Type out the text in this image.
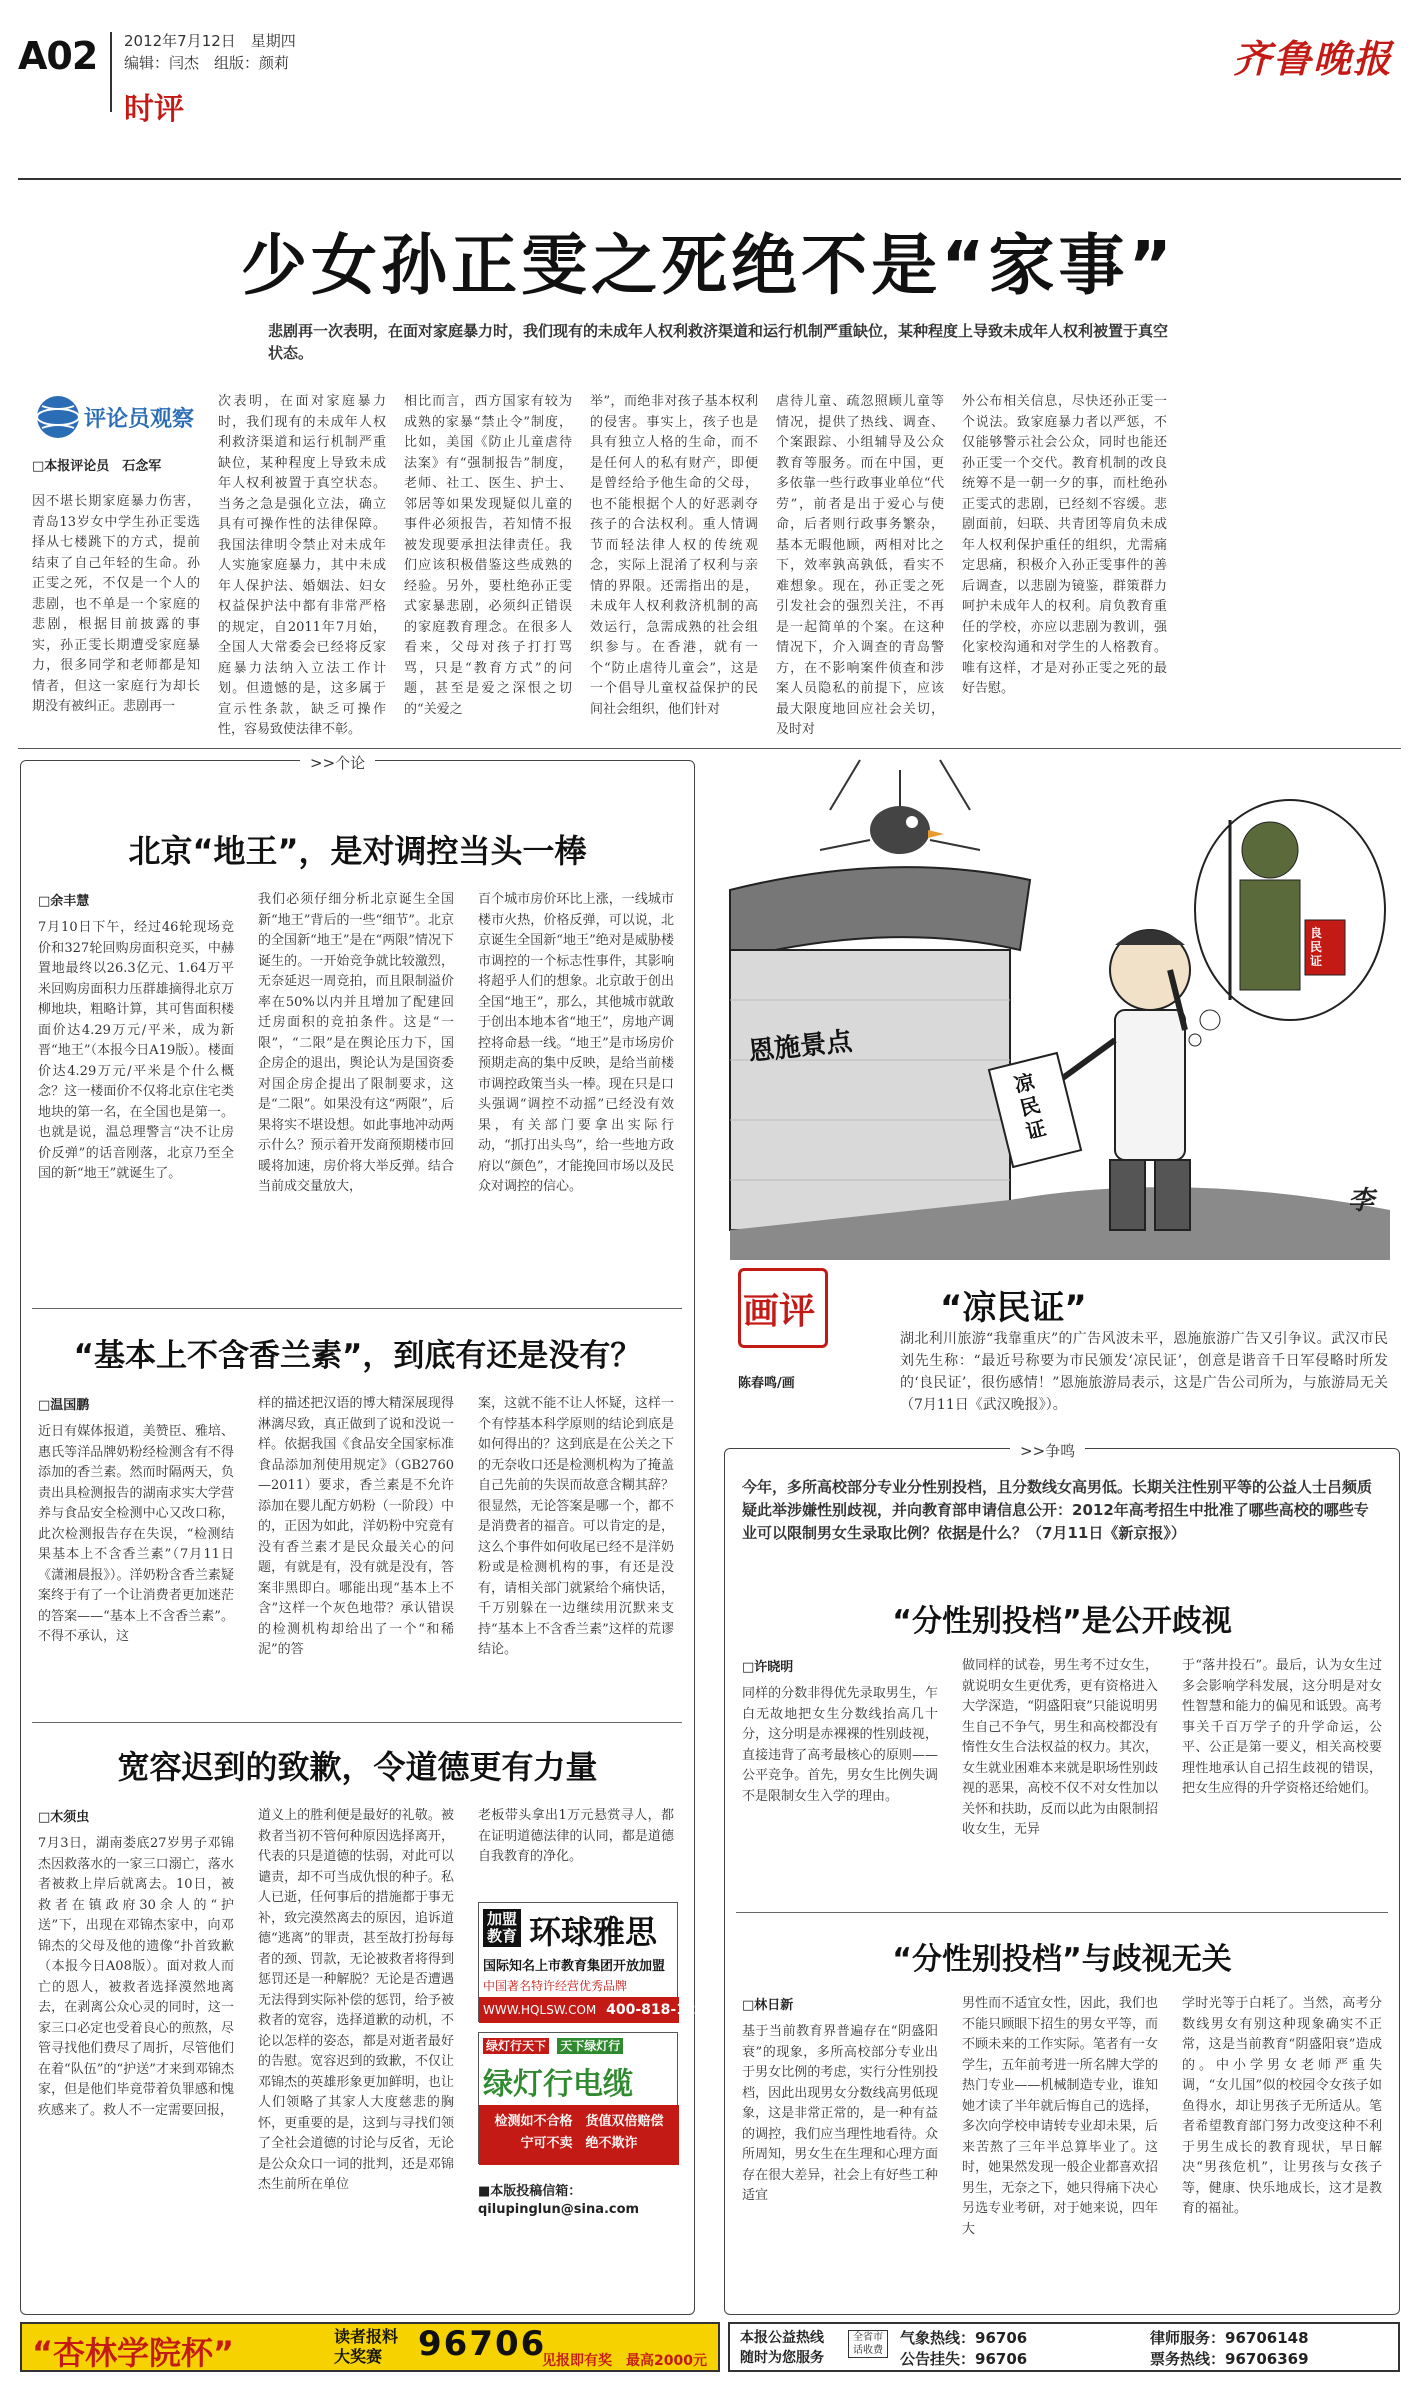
A02 2012年7月12日　星期四
编辑：闫杰　组版：颜莉
时评
齐鲁晚报
少女孙正雯之死绝不是“家事”
悲剧再一次表明，在面对家庭暴力时，我们现有的未成年人权利救济渠道和运行机制严重缺位，某种程度上导致未成年人权利被置于真空状态。
评论员观察
□本报评论员　石念军
因不堪长期家庭暴力伤害，青岛13岁女中学生孙正雯选择从七楼跳下的方式，提前结束了自己年轻的生命。孙正雯之死，不仅是一个人的悲剧，也不单是一个家庭的悲剧，根据目前披露的事实，孙正雯长期遭受家庭暴力，很多同学和老师都是知情者，但这一家庭行为却长期没有被纠正。悲剧再一
次表明，在面对家庭暴力时，我们现有的未成年人权利救济渠道和运行机制严重缺位，某种程度上导致未成年人权利被置于真空状态。当务之急是强化立法，确立具有可操作性的法律保障。我国法律明令禁止对未成年人实施家庭暴力，其中未成年人保护法、婚姻法、妇女权益保护法中都有非常严格的规定，自2011年7月始，全国人大常委会已经将反家庭暴力法纳入立法工作计划。但遗憾的是，这多属于宣示性条款，缺乏可操作性，容易致使法律不彰。
相比而言，西方国家有较为成熟的家暴“禁止令”制度，比如，美国《防止儿童虐待法案》有“强制报告”制度，老师、社工、医生、护士、邻居等如果发现疑似儿童的事件必须报告，若知情不报被发现要承担法律责任。我们应该积极借鉴这些成熟的经验。另外，要杜绝孙正雯式家暴悲剧，必须纠正错误的家庭教育理念。在很多人看来，父母对孩子打打骂骂，只是“教育方式”的问题，甚至是爱之深恨之切的“关爱之
举”，而绝非对孩子基本权利的侵害。事实上，孩子也是具有独立人格的生命，而不是任何人的私有财产，即便是曾经给予他生命的父母，也不能根据个人的好恶剥夺孩子的合法权利。重人情调节而轻法律人权的传统观念，实际上混淆了权利与亲情的界限。还需指出的是，未成年人权利救济机制的高效运行，急需成熟的社会组织参与。在香港，就有一个“防止虐待儿童会”，这是一个倡导儿童权益保护的民间社会组织，他们针对
虐待儿童、疏忽照顾儿童等情况，提供了热线、调查、个案跟踪、小组辅导及公众教育等服务。而在中国，更多依靠一些行政事业单位“代劳”，前者是出于爱心与使命，后者则行政事务繁杂，基本无暇他顾，两相对比之下，效率孰高孰低，看实不难想象。现在，孙正雯之死引发社会的强烈关注，不再是一起简单的个案。在这种情况下，介入调查的青岛警方，在不影响案件侦查和涉案人员隐私的前提下，应该最大限度地回应社会关切，及时对
外公布相关信息，尽快还孙正雯一个说法。致家庭暴力者以严惩，不仅能够警示社会公众，同时也能还孙正雯一个交代。教育机制的改良统筹不是一朝一夕的事，而杜绝孙正雯式的悲剧，已经刻不容缓。悲剧面前，妇联、共青团等肩负未成年人权利保护重任的组织，尤需痛定思痛，积极介入孙正雯事件的善后调查，以悲剧为镜鉴，群策群力呵护未成年人的权利。肩负教育重任的学校，亦应以悲剧为教训，强化家校沟通和对学生的人格教育。唯有这样，才是对孙正雯之死的最好告慰。
>>个论
北京“地王”，是对调控当头一棒
□余丰慧
7月10日下午，经过46轮现场竞价和327轮回购房面积竞买，中赫置地最终以26.3亿元、1.64万平米回购房面积力压群雄摘得北京万柳地块，粗略计算，其可售面积楼面价达4.29万元/平米，成为新晋“地王”（本报今日A19版）。楼面价达4.29万元/平米是个什么概念？这一楼面价不仅将北京住宅类地块的第一名，在全国也是第一。也就是说，温总理警言“决不让房价反弹”的话音刚落，北京乃至全国的新“地王”就诞生了。
我们必须仔细分析北京诞生全国新“地王”背后的一些“细节”。北京的全国新“地王”是在“两限”情况下诞生的。一开始竞争就比较激烈，无奈延迟一周竞拍，而且限制溢价率在50%以内并且增加了配建回迁房面积的竞拍条件。这是“一限”，“二限”是在舆论压力下，国企房企的退出，舆论认为是国资委对国企房企提出了限制要求，这是“二限”。如果没有这“两限”，后果将实不堪设想。如此事地冲动两示什么？预示着开发商预期楼市回暖将加速，房价将大举反弹。结合当前成交量放大，
百个城市房价环比上涨，一线城市楼市火热，价格反弹，可以说，北京诞生全国新“地王”绝对是威胁楼市调控的一个标志性事件，其影响将超乎人们的想象。北京敢于创出全国“地王”，那么，其他城市就敢于创出本地本省“地王”，房地产调控将命悬一线。“地王”是市场房价预期走高的集中反映，是给当前楼市调控政策当头一棒。现在只是口头强调“调控不动摇”已经没有效果，有关部门要拿出实际行动，“抓打出头鸟”，给一些地方政府以“颜色”，才能挽回市场以及民众对调控的信心。
“基本上不含香兰素”，到底有还是没有？
□温国鹏
近日有媒体报道，美赞臣、雅培、惠氏等洋品牌奶粉经检测含有不得添加的香兰素。然而时隔两天，负责出具检测报告的湖南求实大学营养与食品安全检测中心又改口称，此次检测报告存在失误，“检测结果基本上不含香兰素”（7月11日《潇湘晨报》）。洋奶粉含香兰素疑案终于有了一个让消费者更加迷茫的答案——“基本上不含香兰素”。不得不承认，这
样的描述把汉语的博大精深展现得淋漓尽致，真正做到了说和没说一样。依据我国《食品安全国家标准食品添加剂使用规定》（GB2760—2011）要求，香兰素是不允许添加在婴儿配方奶粉（一阶段）中的，正因为如此，洋奶粉中究竟有没有香兰素才是民众最关心的问题，有就是有，没有就是没有，答案非黑即白。哪能出现“基本上不含”这样一个灰色地带？承认错误的检测机构却给出了一个“和稀泥”的答
案，这就不能不让人怀疑，这样一个有悖基本科学原则的结论到底是如何得出的？这到底是在公关之下的无奈收口还是检测机构为了掩盖自己先前的失误而故意含糊其辞？很显然，无论答案是哪一个，都不是消费者的福音。可以肯定的是，这么个事件如何收尾已经不是洋奶粉或是检测机构的事，有还是没有，请相关部门就紧给个痛快话，千万别躲在一边继续用沉默来支持“基本上不含香兰素”这样的荒谬结论。
宽容迟到的致歉，令道德更有力量
□木须虫
7月3日，湖南娄底27岁男子邓锦杰因救落水的一家三口溺亡，落水者被救上岸后就离去。10日，被救者在镇政府30余人的“护送”下，出现在邓锦杰家中，向邓锦杰的父母及他的遗像“扑首致歉（本报今日A08版）。面对救人而亡的恩人，被救者选择漠然地离去，在剥离公众心灵的同时，这一家三口必定也受着良心的煎熬，尽管寻找他们费尽了周折，尽管他们在着“队伍”的“护送”才来到邓锦杰家，但是他们毕竟带着负罪感和愧疚感来了。救人不一定需要回报，
道义上的胜利便是最好的礼敬。被救者当初不管何种原因选择离开，代表的只是道德的怯弱，对此可以谴责，却不可当成仇恨的种子。私人已逝，任何事后的措施都于事无补，致完漠然离去的原因，追诉道德“逃离”的罪责，甚至故打扮每每者的颈、罚款，无论被救者将得到惩罚还是一种解脱？无论是否遭遇无法得到实际补偿的惩罚，给予被救者的宽容，选择道歉的动机，不论以怎样的姿态，都是对逝者最好的告慰。宽容迟到的致歉，不仅让邓锦杰的英雄形象更加鲜明，也让人们领略了其家人大度慈悲的胸怀，更重要的是，这到与寻找们领了全社会道德的讨论与反省，无论是公众众口一词的批判，还是邓锦杰生前所在单位
老板带头拿出1万元悬赏寻人，都在证明道德法律的认同，都是道德自我教育的净化。
加盟教育 环球雅思
国际知名上市教育集团开放加盟
中国著名特许经营优秀品牌
WWW.HQLSW.COM 400-818-1221
绿灯行天下 天下绿灯行
绿灯行电缆
检测如不合格　 货值双倍赔偿
宁可不卖　绝不欺诈
■本版投稿信箱：
qilupinglun@sina.com
恩施景点
凉民证
良民证
李
画评
陈春鸣/画
“凉民证”
湖北利川旅游“我靠重庆”的广告风波未平，恩施旅游广告又引争议。武汉市民刘先生称：“最近号称要为市民颁发‘凉民证’，创意是谐音千日军侵略时所发的‘良民证’，很伤感情！”恩施旅游局表示，这是广告公司所为，与旅游局无关（7月11日《武汉晚报》）。
>>争鸣
今年，多所高校部分专业分性别投档，且分数线女高男低。长期关注性别平等的公益人士吕频质疑此举涉嫌性别歧视，并向教育部申请信息公开：2012年高考招生中批准了哪些高校的哪些专业可以限制男女生录取比例？依据是什么？（7月11日《新京报》）
“分性别投档”是公开歧视
□许晓明
同样的分数非得优先录取男生，乍白无故地把女生分数线抬高几十分，这分明是赤裸裸的性别歧视，直接违背了高考最核心的原则——公平竞争。首先，男女生比例失调不是限制女生入学的理由。
做同样的试卷，男生考不过女生，就说明女生更优秀，更有资格进入大学深造，“阴盛阳衰”只能说明男生自己不争气，男生和高校都没有惰性女生合法权益的权力。其次，女生就业困难本来就是职场性别歧视的恶果，高校不仅不对女性加以关怀和扶助，反而以此为由限制招收女生，无异
于“落井投石”。最后，认为女生过多会影响学科发展，这分明是对女性智慧和能力的偏见和诋毁。高考事关千百万学子的升学命运，公平、公正是第一要义，相关高校要理性地承认自己招生歧视的错误，把女生应得的升学资格还给她们。
“分性别投档”与歧视无关
□林日新
基于当前教育界普遍存在“阴盛阳衰”的现象，多所高校部分专业出于男女比例的考虑，实行分性别投档，因此出现男女分数线高男低现象，这是非常正常的，是一种有益的调控，我们应当理性地看待。众所周知，男女生在生理和心理方面存在很大差异，社会上有好些工种适宜
男性而不适宜女性，因此，我们也不能只顾眼下招生的男女平等，而不顾未来的工作实际。笔者有一女学生，五年前考进一所名牌大学的热门专业——机械制造专业，谁知她才读了半年就后悔自己的选择，多次向学校申请转专业却未果，后来苦熬了三年半总算毕业了。这时，她果然发现一般企业都喜欢招男生，无奈之下，她只得痛下决心另选专业考研，对于她来说，四年大
学时光等于白耗了。当然，高考分数线男女有别这种现象确实不正常，这是当前教育“阴盛阳衰”造成的。中小学男女老师严重失调，“女儿国”似的校园令女孩子如鱼得水，却让男孩子无所适从。笔者希望教育部门努力改变这种不利于男生成长的教育现状，早日解决“男孩危机”，让男孩与女孩子等，健康、快乐地成长，这才是教育的福祉。
“杏林学院杯”	读者报料
大奖赛	96706
见报即有奖　 最高2000元
本报公益热线
随时为您服务
全省市话收费
气象热线：96706
公告挂失：96706
律师服务：96706148
票务热线：96706369
